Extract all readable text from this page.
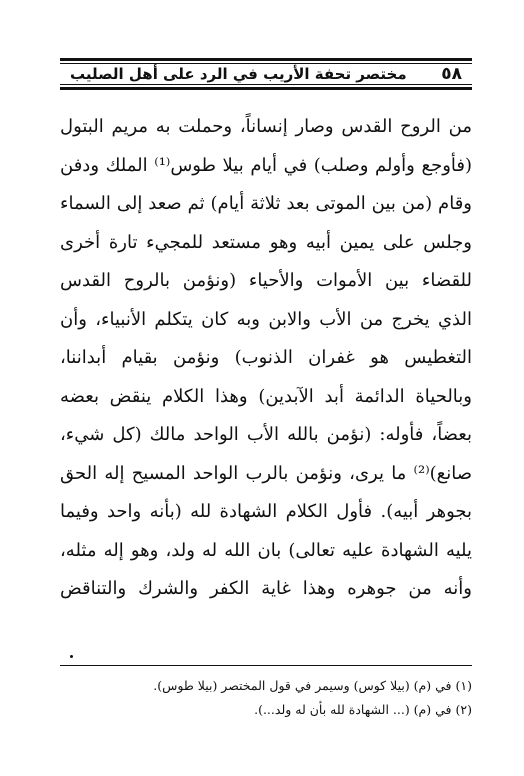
٥٨
مختصر تحفة الأريب في الرد على أهل الصليب
من الروح القدس وصار إنساناً، وحملت به مريم البتول
(فأوجع وأولم وصلب) في أيام بيلا طوس⁽¹⁾ الملك ودفن
وقام (من بين الموتى بعد ثلاثة أيام) ثم صعد إلى السماء
وجلس على يمين أبيه وهو مستعد للمجيء تارة أخرى
للقضاء بين الأموات والأحياء (ونؤمن بالروح القدس
الذي يخرج من الأب والابن وبه كان يتكلم الأنبياء، وأن
التغطيس هو غفران الذنوب) ونؤمن بقيام أبداننا،
وبالحياة الدائمة أبد الآبدين) وهذا الكلام ينقض بعضه
بعضاً، فأوله: (نؤمن بالله الأب الواحد مالك (كل شيء،
صانع)⁽²⁾ ما يرى، ونؤمن بالرب الواحد المسيح إله الحق
بجوهر أبيه). فأول الكلام الشهادة لله (بأنه واحد وفيما
يليه الشهادة عليه تعالى) بان الله له ولد، وهو إله مثله،
وأنه من جوهره وهذا غاية الكفر والشرك والتناقض
(١) في (م) (بيلا كوس) وسيمر في قول المختصر (بيلا طوس).
(٢) في (م) (... الشهادة لله بأن له ولد...).
